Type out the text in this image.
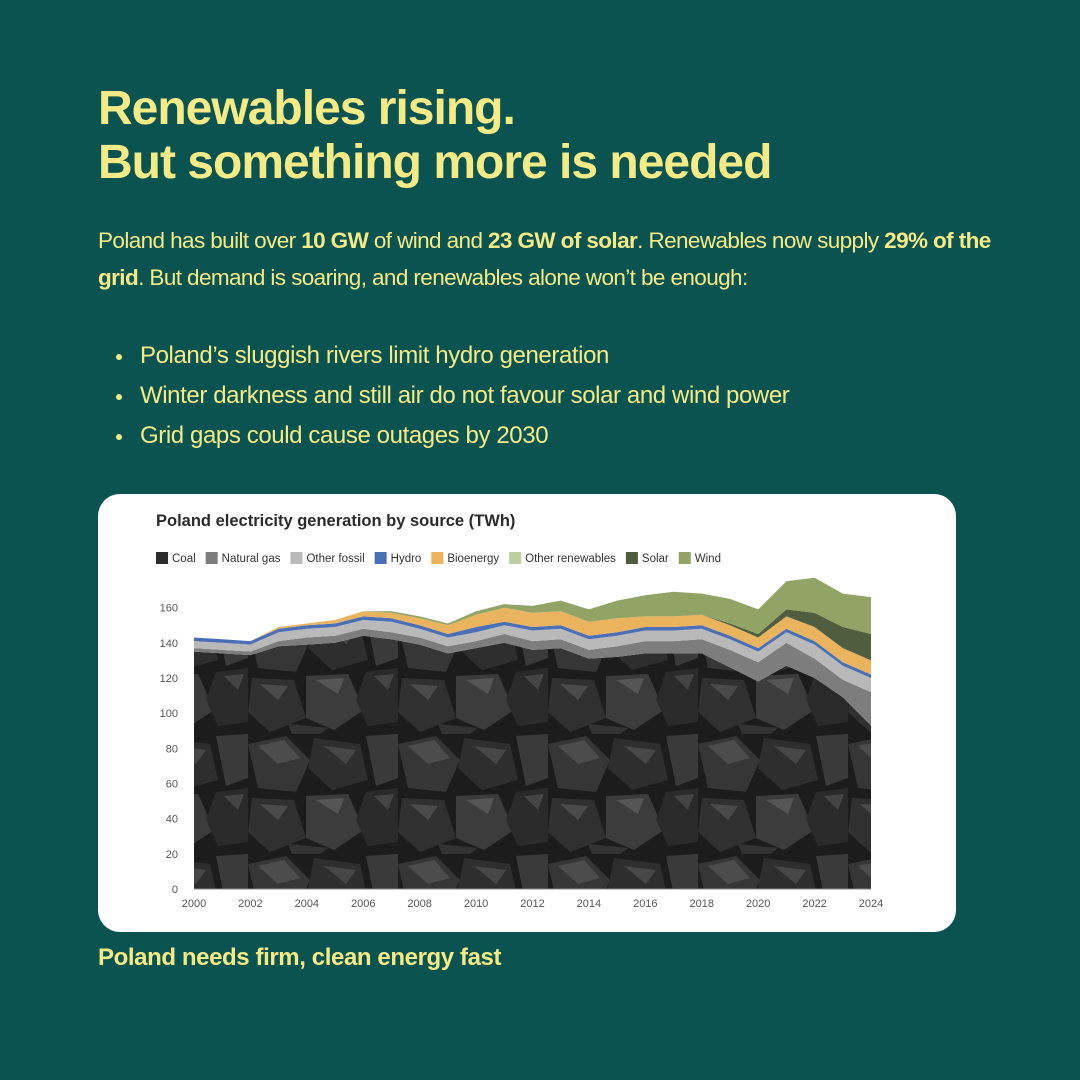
Renewables rising.
But something more is needed

Poland has built over 10 GW of wind and 23 GW of solar. Renewables now supply 29% of the grid. But demand is soaring, and renewables alone won’t be enough:

Poland’s sluggish rivers limit hydro generation
Winter darkness and still air do not favour solar and wind power
Grid gaps could cause outages by 2030
Poland electricity generation by source (TWh)
Coal Natural gas Other fossil Hydro Bioenergy Other renewables Solar Wind
0
20
40
60
80
100
120
140
160
2000	2002	2004	2006	2008	2010	2012	2014	2016	2018	2020	2022	2024

Poland needs firm, clean energy fast
